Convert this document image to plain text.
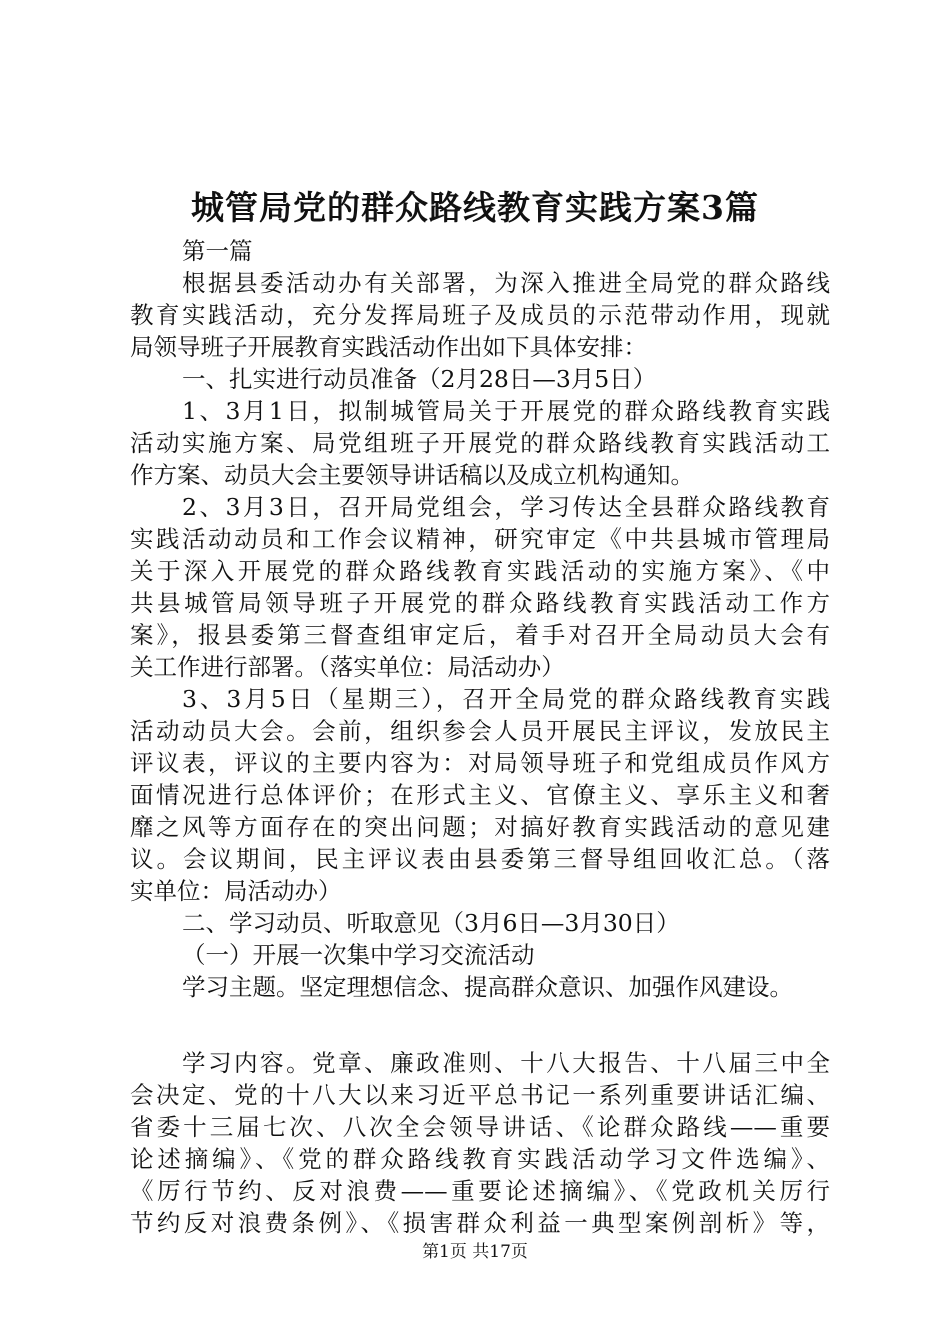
城管局党的群众路线教育实践方案3篇
第一篇
根据县委活动办有关部署，为深入推进全局党的群众路线
教育实践活动，充分发挥局班子及成员的示范带动作用，现就
局领导班子开展教育实践活动作出如下具体安排：
一、扎实进行动员准备（2月28日—3月5日）
1、3月1日，拟制城管局关于开展党的群众路线教育实践
活动实施方案、局党组班子开展党的群众路线教育实践活动工
作方案、动员大会主要领导讲话稿以及成立机构通知。
2、3月3日，召开局党组会，学习传达全县群众路线教育
实践活动动员和工作会议精神，研究审定《中共县城市管理局
关于深入开展党的群众路线教育实践活动的实施方案》、《中
共县城管局领导班子开展党的群众路线教育实践活动工作方
案》，报县委第三督查组审定后，着手对召开全局动员大会有
关工作进行部署。（落实单位：局活动办）
3、3月5日（星期三），召开全局党的群众路线教育实践
活动动员大会。会前，组织参会人员开展民主评议，发放民主
评议表，评议的主要内容为：对局领导班子和党组成员作风方
面情况进行总体评价；在形式主义、官僚主义、享乐主义和奢
靡之风等方面存在的突出问题；对搞好教育实践活动的意见建
议。会议期间，民主评议表由县委第三督导组回收汇总。（落
实单位：局活动办）
二、学习动员、听取意见（3月6日—3月30日）
（一）开展一次集中学习交流活动
学习主题。坚定理想信念、提高群众意识、加强作风建设。
学习内容。党章、廉政准则、十八大报告、十八届三中全
会决定、党的十八大以来习近平总书记一系列重要讲话汇编、
省委十三届七次、八次全会领导讲话、《论群众路线——重要
论述摘编》、《党的群众路线教育实践活动学习文件选编》、
《厉行节约、反对浪费——重要论述摘编》、《党政机关厉行
节约反对浪费条例》、《损害群众利益一典型案例剖析》等，
第1页 共17页
